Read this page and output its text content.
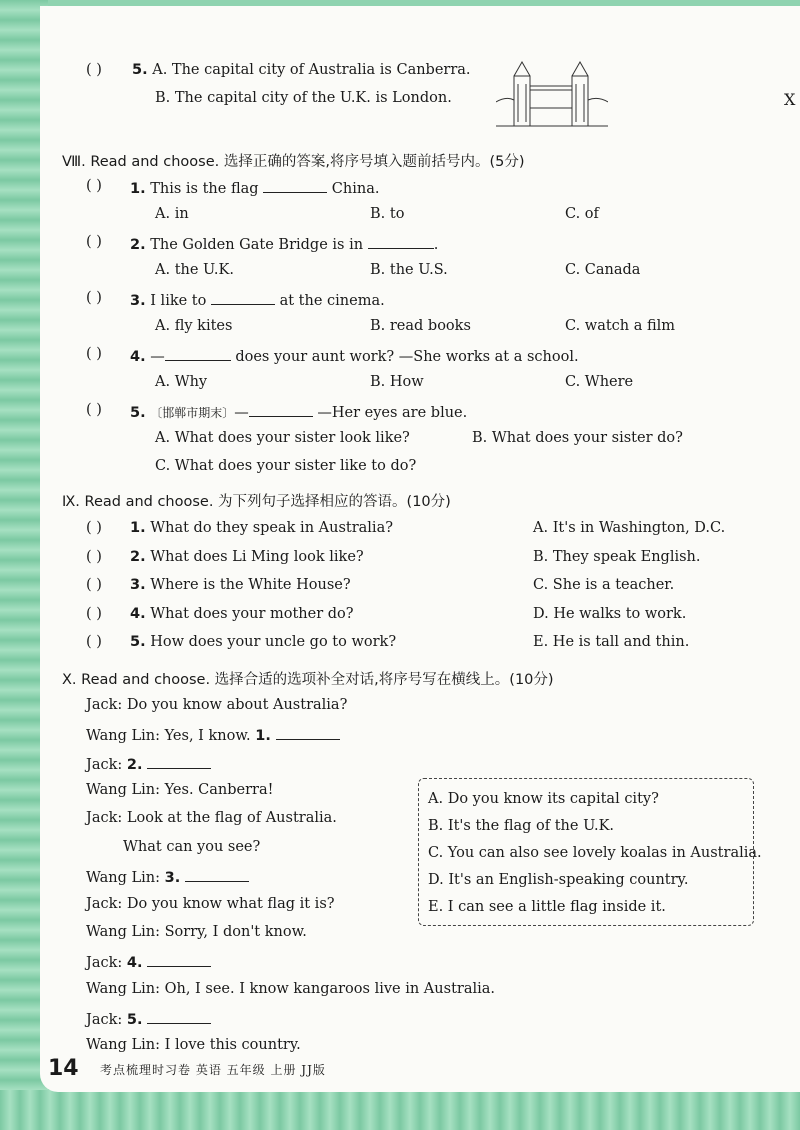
( ) 5. A. The capital city of Australia is Canberra.
B. The capital city of the U.K. is London.	X
Ⅷ. Read and choose. 选择正确的答案,将序号填入题前括号内。(5分)
( ) 1. This is the flag	China.
A. in	B. to	C. of
( ) 2. The Golden Gate Bridge is in	.
A. the U.K.	B. the U.S.	C. Canada
( ) 3. I like to	at the cinema.
A. fly kites	B. read books	C. watch a film
( ) 4. —	does your aunt work? —She works at a school.
A. Why	B. How	C. Where
( ) 5. 〔邯郸市期末〕—	—Her eyes are blue.
A. What does your sister look like?	B. What does your sister do?
C. What does your sister like to do?
Ⅸ. Read and choose. 为下列句子选择相应的答语。(10分)
( ) 1. What do they speak in Australia?	A. It's in Washington, D.C.
( ) 2. What does Li Ming look like?	B. They speak English.
( ) 3. Where is the White House?	C. She is a teacher.
( ) 4. What does your mother do?	D. He walks to work.
( ) 5. How does your uncle go to work?	E. He is tall and thin.
Ⅹ. Read and choose. 选择合适的选项补全对话,将序号写在横线上。(10分)
Jack: Do you know about Australia?
Wang Lin: Yes, I know. 1.
Jack: 2.
Wang Lin: Yes. Canberra!
Jack: Look at the flag of Australia.
What can you see?
Wang Lin: 3.
Jack: Do you know what flag it is?
Wang Lin: Sorry, I don't know.
Jack: 4.
Wang Lin: Oh, I see. I know kangaroos live in Australia.
Jack: 5.
Wang Lin: I love this country.
A. Do you know its capital city?
B. It's the flag of the U.K.
C. You can also see lovely koalas in Australia.
D. It's an English-speaking country.
E. I can see a little flag inside it.
14 考点梳理时习卷 英语 五年级 上册 JJ版
